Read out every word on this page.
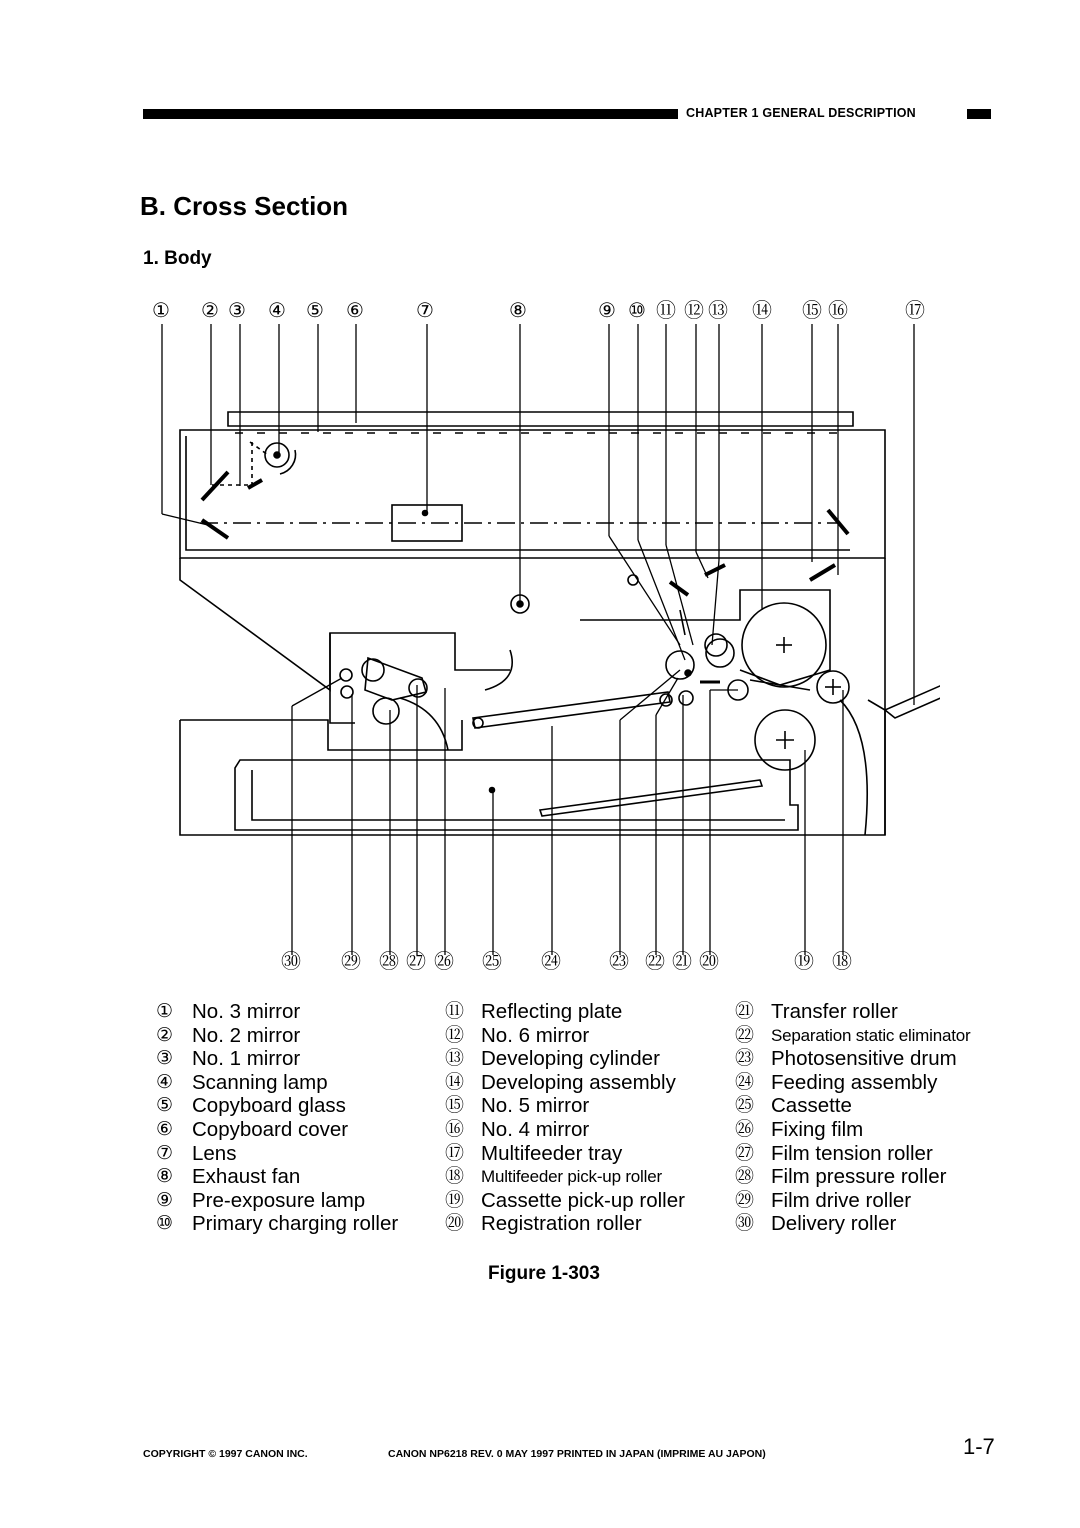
CHAPTER 1 GENERAL DESCRIPTION
B. Cross Section
1. Body
① ② ③ ④ ⑤ ⑥	⑦	⑧	⑨ ⑩ ⑪ ⑫ ⑬ ⑭ ⑮ ⑯	⑰
㉚ ㉙ ㉘ ㉗ ㉖ ㉕ ㉔ ㉓ ㉒ ㉑ ⑳	⑲ ⑱
① No. 3 mirror
② No. 2 mirror
③ No. 1 mirror
④ Scanning lamp
⑤ Copyboard glass
⑥ Copyboard cover
⑦ Lens
⑧ Exhaust fan
⑨ Pre-exposure lamp
⑩ Primary charging roller
⑪ Reflecting plate
⑫ No. 6 mirror
⑬ Developing cylinder
⑭ Developing assembly
⑮ No. 5 mirror
⑯ No. 4 mirror
⑰ Multifeeder tray
⑱ Multifeeder pick-up roller
⑲ Cassette pick-up roller
⑳ Registration roller
㉑ Transfer roller
㉒ Separation static eliminator
㉓ Photosensitive drum
㉔ Feeding assembly
㉕ Cassette
㉖ Fixing film
㉗ Film tension roller
㉘ Film pressure roller
㉙ Film drive roller
㉚ Delivery roller
Figure 1-303
COPYRIGHT © 1997 CANON INC.	CANON NP6218 REV. 0 MAY 1997 PRINTED IN JAPAN (IMPRIME AU JAPON)	1-7
